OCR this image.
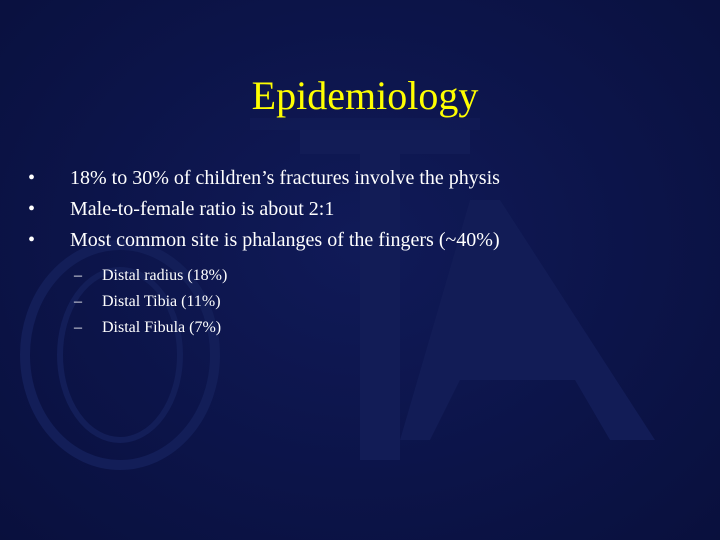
Epidemiology
• 18% to 30% of children’s fractures involve the physis
• Male-to-female ratio is about 2:1
• Most common site is phalanges of the fingers (~40%)
– Distal radius (18%)
– Distal Tibia (11%)
– Distal Fibula (7%)
